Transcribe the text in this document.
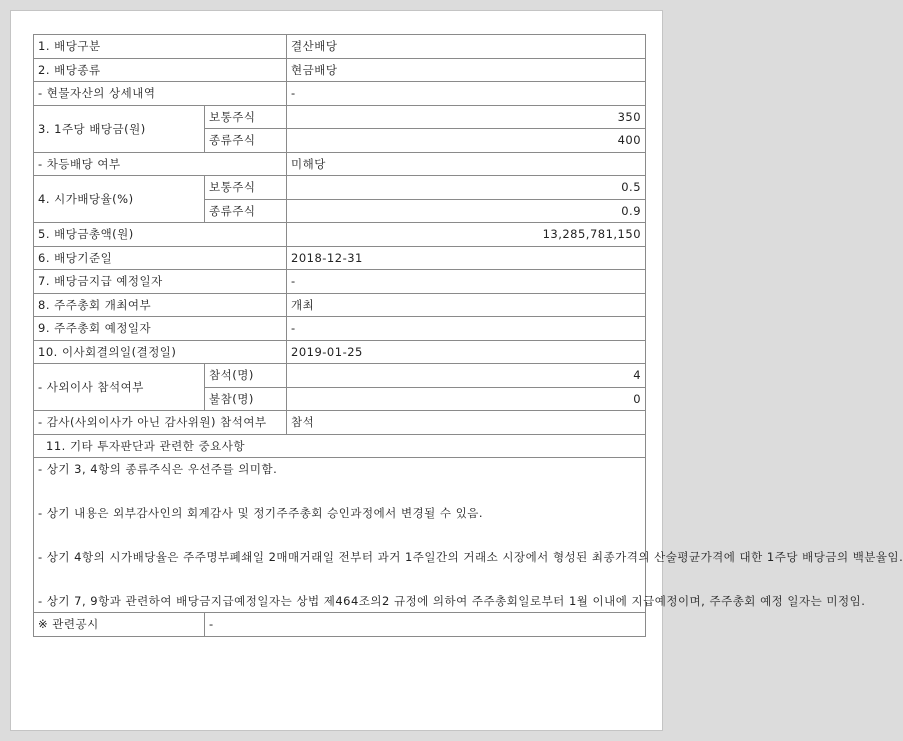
1. 배당구분		결산배당
2. 배당종류		현금배당
- 현물자산의 상세내역		-
3. 1주당 배당금(원)	보통주식	350
	종류주식	400
- 차등배당 여부		미해당
4. 시가배당율(%)	보통주식	0.5
	종류주식	0.9
5. 배당금총액(원)		13,285,781,150
6. 배당기준일		2018-12-31
7. 배당금지급 예정일자		-
8. 주주총회 개최여부		개최
9. 주주총회 예정일자		-
10. 이사회결의일(결정일)		2019-01-25
- 사외이사 참석여부	참석(명)	4
	불참(명)	0
- 감사(사외이사가 아닌 감사위원) 참석여부		참석
11. 기타 투자판단과 관련한 중요사항		

- 상기 3, 4항의 종류주식은 우선주를 의미함.

- 상기 내용은 외부감사인의 회계감사 및 정기주주총회 승인과정에서 변경될 수 있음.

- 상기 4항의 시가배당율은 주주명부폐쇄일 2매매거래일 전부터 과거 1주일간의 거래소 시장에서 형성된 최종가격의 산술평균가격에 대한 1주당 배당금의 백분율임.

- 상기 7, 9항과 관련하여 배당금지급예정일자는 상법 제464조의2 규정에 의하여 주주총회일로부터 1월 이내에 지급예정이며, 주주총회 예정 일자는 미정임.		

※ 관련공시	-	
